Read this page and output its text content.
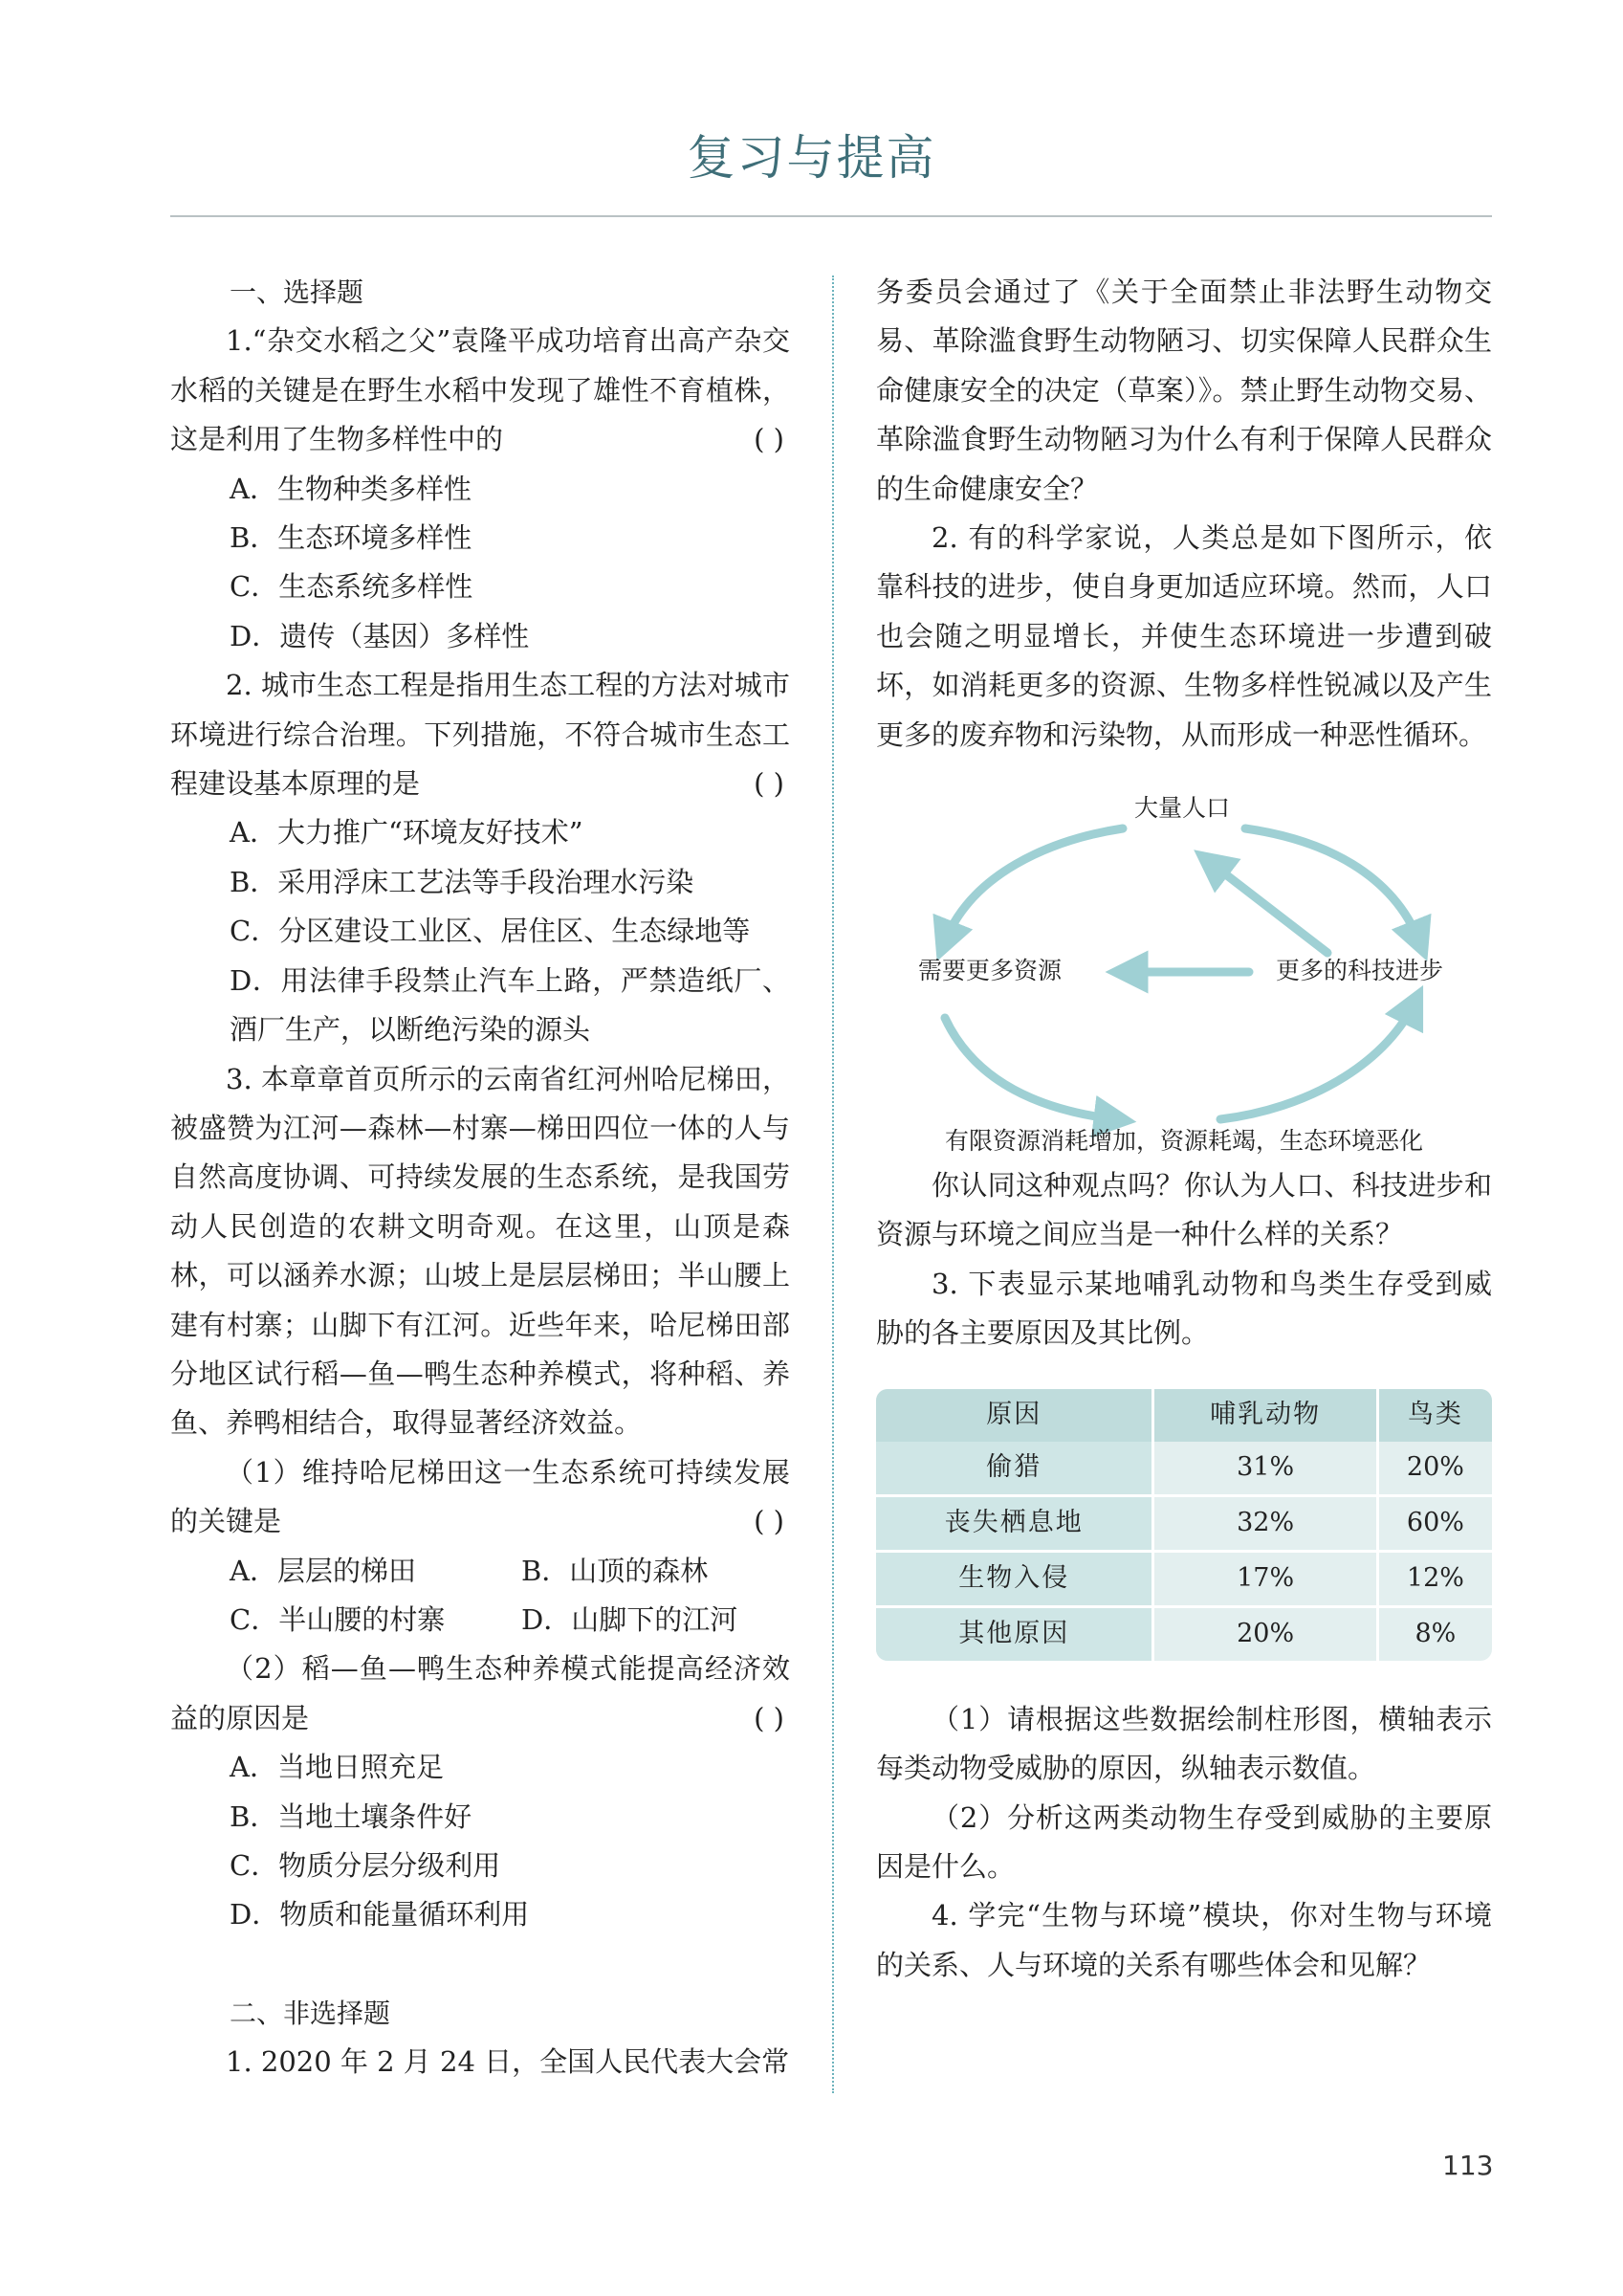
复习与提高

一、选择题

1.“杂交水稻之父”袁隆平成功培育出高产杂交水稻的关键是在野生水稻中发现了雄性不育植株，这是利用了生物多样性中的	( )

A．生物种类多样性
B．生态环境多样性
C．生态系统多样性
D．遗传（基因）多样性

2. 城市生态工程是指用生态工程的方法对城市环境进行综合治理。下列措施，不符合城市生态工程建设基本原理的是	( )

A．大力推广“环境友好技术”
B．采用浮床工艺法等手段治理水污染
C．分区建设工业区、居住区、生态绿地等

D．用法律手段禁止汽车上路，严禁造纸厂、酒厂生产，以断绝污染的源头

3. 本章章首页所示的云南省红河州哈尼梯田，被盛赞为江河—森林—村寨—梯田四位一体的人与自然高度协调、可持续发展的生态系统，是我国劳动人民创造的农耕文明奇观。在这里，山顶是森林，可以涵养水源；山坡上是层层梯田；半山腰上建有村寨；山脚下有江河。近些年来，哈尼梯田部分地区试行稻—鱼—鸭生态种养模式，将种稻、养鱼、养鸭相结合，取得显著经济效益。

（1）维持哈尼梯田这一生态系统可持续发展的关键是	( )

A．层层的梯田	B．山顶的森林
C．半山腰的村寨	D．山脚下的江河

（2）稻—鱼—鸭生态种养模式能提高经济效益的原因是	( )

A．当地日照充足
B．当地土壤条件好
C．物质分层分级利用
D．物质和能量循环利用

二、非选择题

1. 2020 年 2 月 24 日，全国人民代表大会常

务委员会通过了《关于全面禁止非法野生动物交易、革除滥食野生动物陋习、切实保障人民群众生命健康安全的决定（草案）》。禁止野生动物交易、革除滥食野生动物陋习为什么有利于保障人民群众的生命健康安全？

2. 有的科学家说，人类总是如下图所示，依靠科技的进步，使自身更加适应环境。然而，人口也会随之明显增长，并使生态环境进一步遭到破坏，如消耗更多的资源、生物多样性锐减以及产生更多的废弃物和污染物，从而形成一种恶性循环。

大量人口
需要更多资源	更多的科技进步
有限资源消耗增加，资源耗竭，生态环境恶化

你认同这种观点吗？你认为人口、科技进步和资源与环境之间应当是一种什么样的关系？

3. 下表显示某地哺乳动物和鸟类生存受到威胁的各主要原因及其比例。

原因	哺乳动物	鸟类
偷猎	31%	20%
丧失栖息地	32%	60%
生物入侵	17%	12%
其他原因	20%	8%

（1）请根据这些数据绘制柱形图，横轴表示每类动物受威胁的原因，纵轴表示数值。

（2）分析这两类动物生存受到威胁的主要原因是什么。

4. 学完“生物与环境”模块，你对生物与环境的关系、人与环境的关系有哪些体会和见解？

113
